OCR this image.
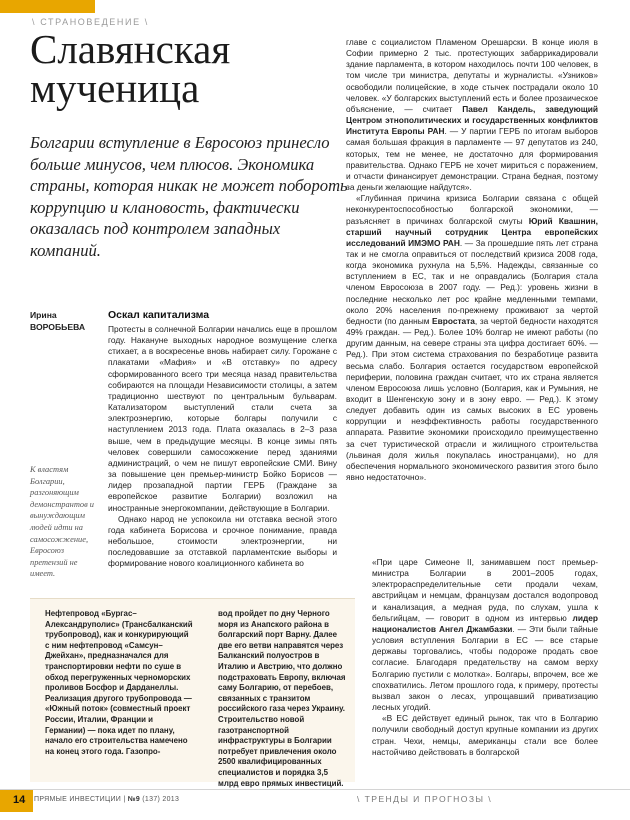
\ СТРАНОВЕДЕНИЕ \
Славянская
мученица

Болгарии вступление в Евросоюз принесло больше минусов, чем плюсов. Экономика страны, которая никак не может побороть коррупцию и клановость, фактически оказалась под контролем западных компаний.

Ирина
ВОРОБЬЕВА

К властям Болгарии, разгоняющим демонстрантов и вынуждающим людей идти на самосожжение, Евросоюз претензий не имеет.

Оскал капитализма

Протесты в солнечной Болгарии начались еще в прошлом году. Накануне выходных народное возмущение слегка стихает, а в воскресенье вновь набирает силу. Горожане с плакатами «Мафия» и «В отставку» по адресу сформированного всего три месяца назад правительства собираются на площади Независимости столицы, а затем традиционно шествуют по центральным бульварам. Катализатором выступлений стали счета за электроэнергию, которые болгары получили с наступлением 2013 года. Плата оказалась в 2–3 раза выше, чем в предыдущие месяцы. В конце зимы пять человек совершили самосожжение перед зданиями администраций, о чем не пишут европейские СМИ. Вину за повышение цен премьер-министр Бойко Борисов — лидер прозападной партии ГЕРБ (Граждане за европейское развитие Болгарии) возложил на иностранные энергокомпании, действующие в Болгарии.

Однако народ не успокоила ни отставка весной этого года кабинета Борисова и срочное понимание, правда небольшое, стоимости электроэнергии, ни последовавшие за отставкой парламентские выборы и формирование нового коалиционного кабинета во

главе с социалистом Пламеном Орешарски. В конце июля в Софии примерно 2 тыс. протестующих забаррикадировали здание парламента, в котором находилось почти 100 человек, в том числе три министра, депутаты и журналисты. «Узников» освободили полицейские, в ходе стычек пострадали около 10 человек. «У болгарских выступлений есть и более прозаическое объяснение, — считает Павел Кандель, заведующий Центром этнополитических и государственных конфликтов Института Европы РАН. — У партии ГЕРБ по итогам выборов самая большая фракция в парламенте — 97 депутатов из 240, которых, тем не менее, не достаточно для формирования правительства. Однако ГЕРБ не хочет мириться с поражением, и отчасти финансирует демонстрации. Страна бедная, поэтому за деньги желающие найдутся».

«Глубинная причина кризиса Болгарии связана с общей неконкурентоспособностью болгарской экономики, — разъясняет в причинах болгарской смуты Юрий Квашнин, старший научный сотрудник Центра европейских исследований ИМЭМО РАН. — За прошедшие пять лет страна так и не смогла оправиться от последствий кризиса 2008 года, когда экономика рухнула на 5,5%. Надежды, связанные со вступлением в ЕС, так и не оправдались (Болгария стала членом Евросоюза в 2007 году. — Ред.): уровень жизни в последние несколько лет рос крайне медленными темпами, около 20% населения по-прежнему проживают за чертой бедности (по данным Евростата, за чертой бедности находятся 49% граждан. — Ред.). Более 10% болгар не имеют работы (по другим данным, на севере страны эта цифра достигает 60%. — Ред.). При этом система страхования по безработице развита весьма слабо. Болгария остается государством европейской периферии, половина граждан считает, что их страна является членом Евросоюза лишь условно (Болгария, как и Румыния, не входит в Шенгенскую зону и в зону евро. — Ред.). К этому следует добавить один из самых высоких в ЕС уровень коррупции и неэффективность работы государственного аппарата. Развитие экономики происходило преимущественно за счет туристической отрасли и жилищного строительства (львиная доля жилья покупалась иностранцами), но для обеспечения нормального экономического развития этого было явно недостаточно».

«При царе Симеоне II, занимавшем пост премьер-министра Болгарии в 2001–2005 годах, электрораспределительные сети продали чехам, австрийцам и немцам, французам достался водопровод и канализация, а медная руда, по слухам, ушла к бельгийцам, — говорит в одном из интервью лидер националистов Ангел Джамбазки. — Эти были тайные условия вступления Болгарии в ЕС — все старые державы торговались, чтобы подороже продать свое согласие. Благодаря предательству на самом верху Болгарию пустили с молотка». Болгары, впрочем, все же спохватились. Летом прошлого года, к примеру, протесты вызвал закон о лесах, упрощавший приватизацию лесных угодий.

«В ЕС действует единый рынок, так что в Болгарию получили свободный доступ крупные компании из других стран. Чехи, немцы, американцы стали все более настойчиво действовать в болгарской

Нефтепровод «Бургас–Александруполис» (Трансбалканский трубопровод), как и конкурирующий с ним нефтепровод «Самсун–Джейхан», предназначался для транспортировки нефти по суше в обход перегруженных черноморских проливов Босфор и Дарданеллы. Реализация другого трубопровода — «Южный поток» (совместный проект России, Италии, Франции и Германии) — пока идет по плану, начало его строительства намечено на конец этого года. Газопро-

вод пройдет по дну Черного моря из Анапского района в болгарский порт Варну. Далее две его ветви направятся через Балканский полуостров в Италию и Австрию, что должно подстраховать Европу, включая саму Болгарию, от перебоев, связанных с транзитом российского газа через Украину. Строительство новой газотранспортной инфраструктуры в Болгарии потребует привлечения около 2500 квалифицированных специалистов и порядка 3,5 млрд евро прямых инвестиций.

14 ПРЯМЫЕ ИНВЕСТИЦИИ | №9 (137) 2013	\ ТРЕНДЫ И ПРОГНОЗЫ \
